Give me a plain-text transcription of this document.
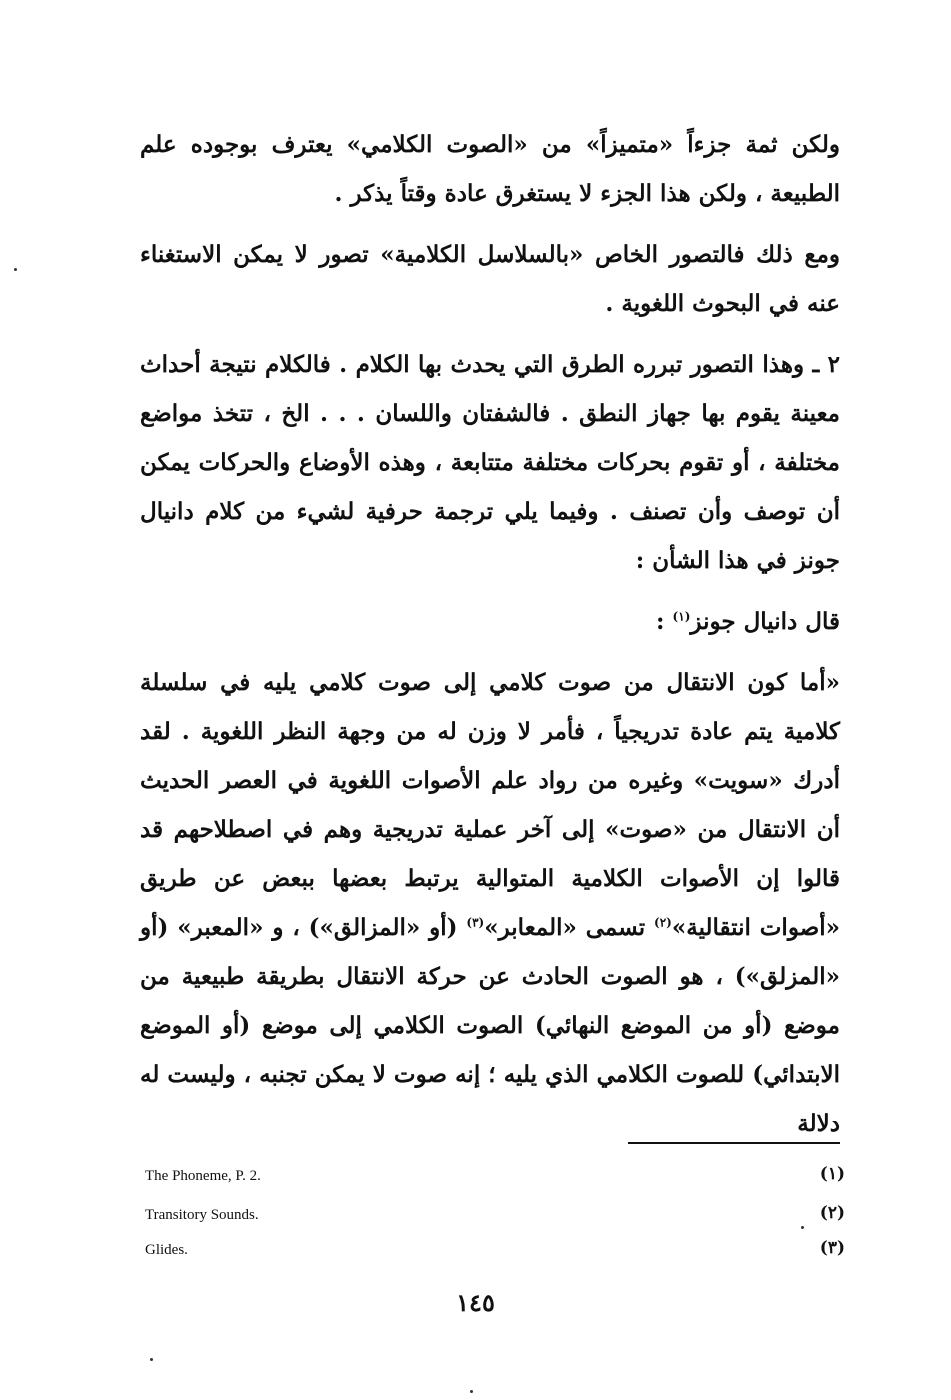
ولكن ثمة جزءاً «متميزاً» من «الصوت الكلامي» يعترف بوجوده علم الطبيعة ، ولكن هذا الجزء لا يستغرق عادة وقتاً يذكر .

ومع ذلك فالتصور الخاص «بالسلاسل الكلامية» تصور لا يمكن الاستغناء عنه في البحوث اللغوية .

٢ ـ وهذا التصور تبرره الطرق التي يحدث بها الكلام . فالكلام نتيجة أحداث معينة يقوم بها جهاز النطق . فالشفتان واللسان . . . الخ ، تتخذ مواضع مختلفة ، أو تقوم بحركات مختلفة متتابعة ، وهذه الأوضاع والحركات يمكن أن توصف وأن تصنف . وفيما يلي ترجمة حرفية لشيء من كلام دانيال جونز في هذا الشأن :

قال دانيال جونز$^{(١)}$ :

«أما كون الانتقال من صوت كلامي إلى صوت كلامي يليه في سلسلة كلامية يتم عادة تدريجياً ، فأمر لا وزن له من وجهة النظر اللغوية . لقد أدرك «سويت» وغيره من رواد علم الأصوات اللغوية في العصر الحديث أن الانتقال من «صوت» إلى آخر عملية تدريجية وهم في اصطلاحهم قد قالوا إن الأصوات الكلامية المتوالية يرتبط بعضها ببعض عن طريق «أصوات انتقالية»$^{(٢)}$ تسمى «المعابر»$^{(٣)}$ (أو «المزالق») ، و «المعبر» (أو «المزلق») ، هو الصوت الحادث عن حركة الانتقال بطريقة طبيعية من موضع (أو من الموضع النهائي) الصوت الكلامي إلى موضع (أو الموضع الابتدائي) للصوت الكلامي الذي يليه ؛ إنه صوت لا يمكن تجنبه ، وليست له دلالة

The Phoneme, P. 2.	(١)
Transitory Sounds.	(٢)
Glides.	(٣)
١٤٥
